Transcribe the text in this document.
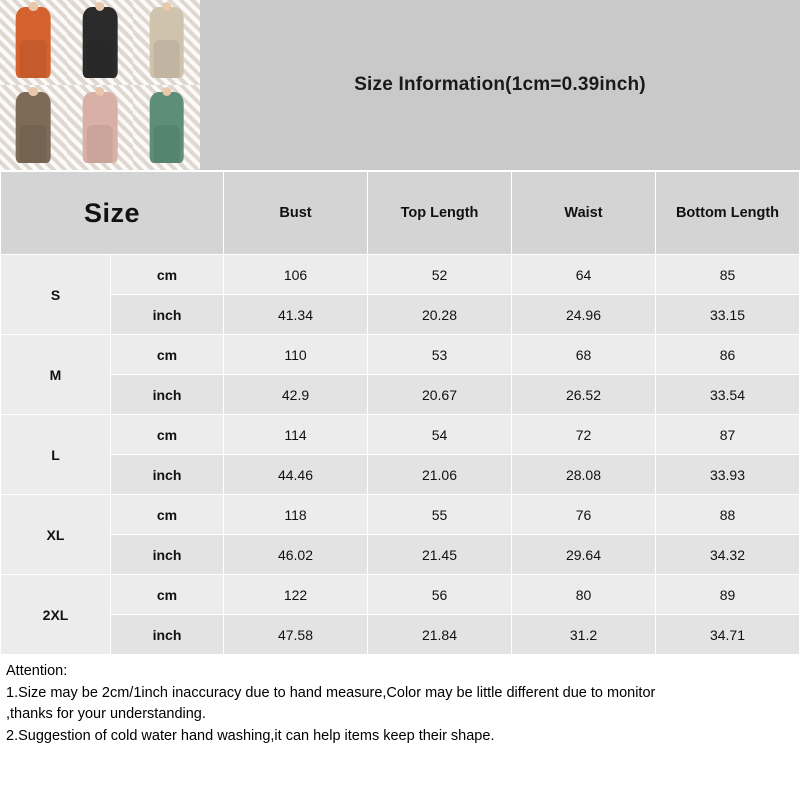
Size Information(1cm=0.39inch)
Size		Bust	Top Length	Waist	Bottom Length
S	cm	106	52	64	85
	inch	41.34	20.28	24.96	33.15
M	cm	110	53	68	86
	inch	42.9	20.67	26.52	33.54
L	cm	114	54	72	87
	inch	44.46	21.06	28.08	33.93
XL	cm	118	55	76	88
	inch	46.02	21.45	29.64	34.32
2XL	cm	122	56	80	89
	inch	47.58	21.84	31.2	34.71

Attention:

1.Size may be 2cm/1inch inaccuracy due to hand measure,Color may be little different due to monitor

,thanks for your understanding.

2.Suggestion of cold water hand washing,it can help items keep their shape.
